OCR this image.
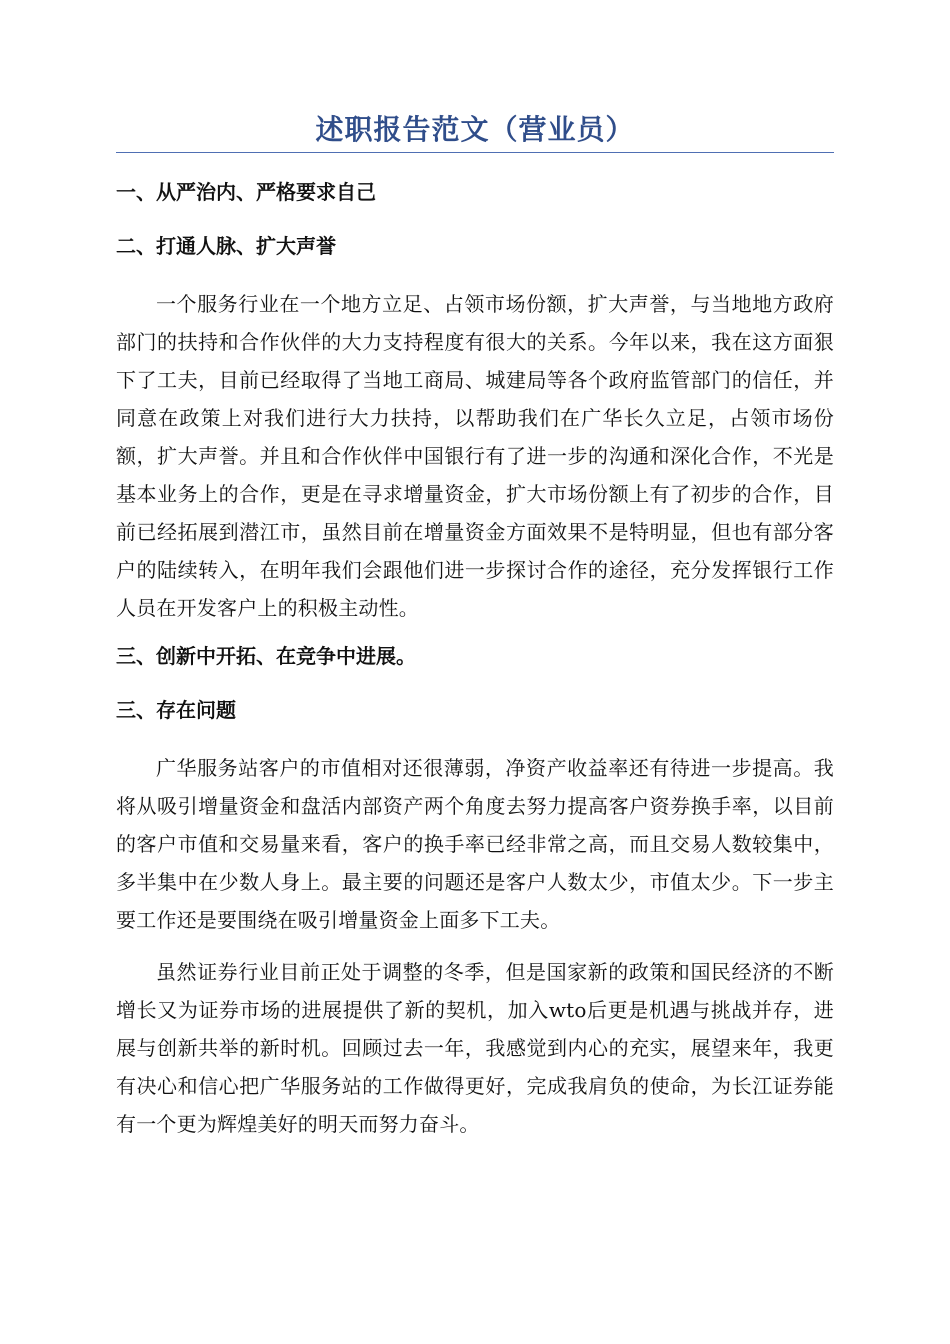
述职报告范文（营业员）

一、从严治内、严格要求自己

二、打通人脉、扩大声誉

一个服务行业在一个地方立足、占领市场份额，扩大声誉，与当地地方政府部门的扶持和合作伙伴的大力支持程度有很大的关系。今年以来，我在这方面狠下了工夫，目前已经取得了当地工商局、城建局等各个政府监管部门的信任，并同意在政策上对我们进行大力扶持，以帮助我们在广华长久立足，占领市场份额，扩大声誉。并且和合作伙伴中国银行有了进一步的沟通和深化合作，不光是基本业务上的合作，更是在寻求增量资金，扩大市场份额上有了初步的合作，目前已经拓展到潜江市，虽然目前在增量资金方面效果不是特明显，但也有部分客户的陆续转入，在明年我们会跟他们进一步探讨合作的途径，充分发挥银行工作人员在开发客户上的积极主动性。

三、创新中开拓、在竞争中进展。

三、存在问题

广华服务站客户的市值相对还很薄弱，净资产收益率还有待进一步提高。我将从吸引增量资金和盘活内部资产两个角度去努力提高客户资券换手率，以目前的客户市值和交易量来看，客户的换手率已经非常之高，而且交易人数较集中，多半集中在少数人身上。最主要的问题还是客户人数太少，市值太少。下一步主要工作还是要围绕在吸引增量资金上面多下工夫。

虽然证券行业目前正处于调整的冬季，但是国家新的政策和国民经济的不断增长又为证券市场的进展提供了新的契机，加入wto后更是机遇与挑战并存，进展与创新共举的新时机。回顾过去一年，我感觉到内心的充实，展望来年，我更有决心和信心把广华服务站的工作做得更好，完成我肩负的使命，为长江证券能有一个更为辉煌美好的明天而努力奋斗。
